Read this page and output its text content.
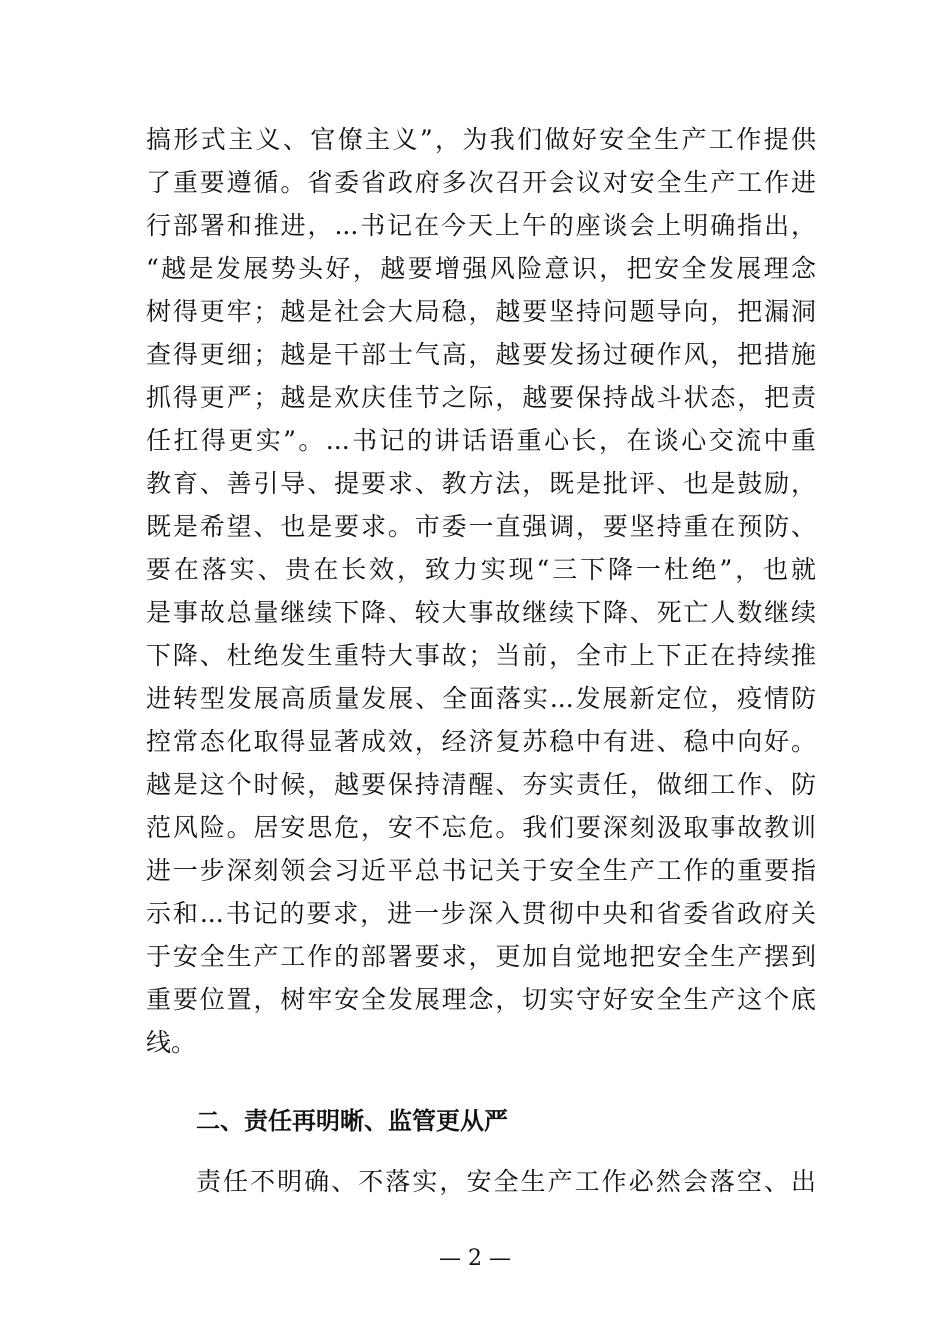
搞形式主义、官僚主义”，为我们做好安全生产工作提供
了重要遵循。省委省政府多次召开会议对安全生产工作进
行部署和推进，...书记在今天上午的座谈会上明确指出，
“越是发展势头好，越要增强风险意识，把安全发展理念
树得更牢；越是社会大局稳，越要坚持问题导向，把漏洞
查得更细；越是干部士气高，越要发扬过硬作风，把措施
抓得更严；越是欢庆佳节之际，越要保持战斗状态，把责
任扛得更实”。...书记的讲话语重心长，在谈心交流中重
教育、善引导、提要求、教方法，既是批评、也是鼓励，
既是希望、也是要求。市委一直强调，要坚持重在预防、
要在落实、贵在长效，致力实现“三下降一杜绝”，也就
是事故总量继续下降、较大事故继续下降、死亡人数继续
下降、杜绝发生重特大事故；当前，全市上下正在持续推
进转型发展高质量发展、全面落实...发展新定位，疫情防
控常态化取得显著成效，经济复苏稳中有进、稳中向好。
越是这个时候，越要保持清醒、夯实责任，做细工作、防
范风险。居安思危，安不忘危。我们要深刻汲取事故教训
进一步深刻领会习近平总书记关于安全生产工作的重要指
示和...书记的要求，进一步深入贯彻中央和省委省政府关
于安全生产工作的部署要求，更加自觉地把安全生产摆到
重要位置，树牢安全发展理念，切实守好安全生产这个底
线。
二、责任再明晰、监管更从严
责任不明确、不落实，安全生产工作必然会落空、出
— 2 —
